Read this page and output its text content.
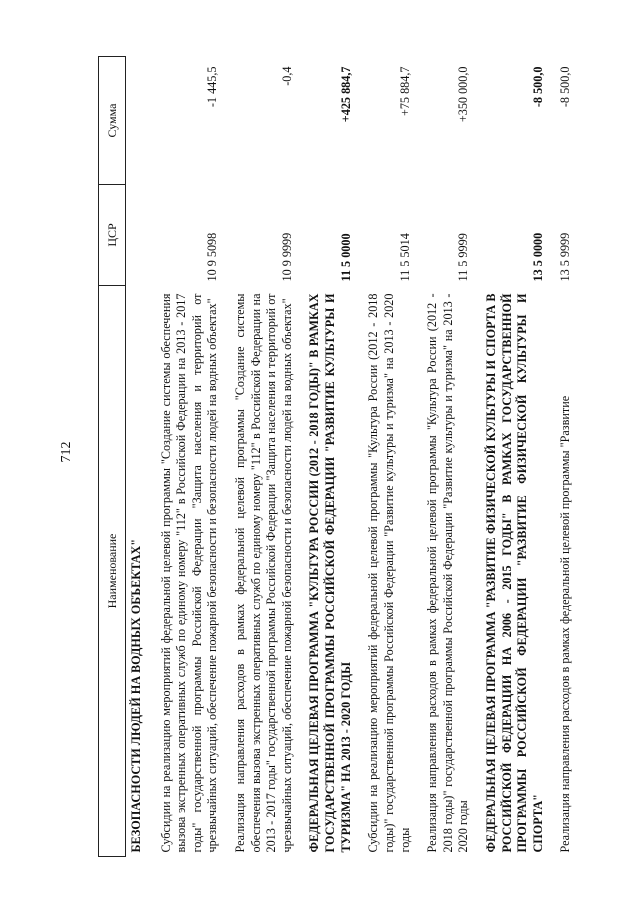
712
Наименование	ЦСР	Сумма
БЕЗОПАСНОСТИ ЛЮДЕЙ НА ВОДНЫХ ОБЪЕКТАХ"		
Субсидии на реализацию мероприятий федеральной целевой программы "Создание системы обеспечения вызова экстренных оперативных служб по единому номеру "112" в Российской Федерации на 2013 - 2017 годы" государственной программы Российской Федерации "Защита населения и территорий от чрезвычайных ситуаций, обеспечение пожарной безопасности и безопасности людей на водных объектах"	10 9 5098	-1 445,5
Реализация направления расходов в рамках федеральной целевой программы "Создание системы обеспечения вызова экстренных оперативных служб по единому номеру "112" в Российской Федерации на 2013 - 2017 годы" государственной программы Российской Федерации "Защита населения и территорий от чрезвычайных ситуаций, обеспечение пожарной безопасности и безопасности людей на водных объектах"	10 9 9999	-0,4
ФЕДЕРАЛЬНАЯ ЦЕЛЕВАЯ ПРОГРАММА "КУЛЬТУРА РОССИИ (2012 - 2018 ГОДЫ)" В РАМКАХ ГОСУДАРСТВЕННОЙ ПРОГРАММЫ РОССИЙСКОЙ ФЕДЕРАЦИИ "РАЗВИТИЕ КУЛЬТУРЫ И ТУРИЗМА" НА 2013 - 2020 ГОДЫ	11 5 0000	+425 884,7
Субсидии на реализацию мероприятий федеральной целевой программы "Культура России (2012 - 2018 годы)" государственной программы Российской Федерации "Развитие культуры и туризма" на 2013 - 2020 годы	11 5 5014	+75 884,7
Реализация направления расходов в рамках федеральной целевой программы "Культура России (2012 - 2018 годы)" государственной программы Российской Федерации "Развитие культуры и туризма" на 2013 - 2020 годы	11 5 9999	+350 000,0
ФЕДЕРАЛЬНАЯ ЦЕЛЕВАЯ ПРОГРАММА "РАЗВИТИЕ ФИЗИЧЕСКОЙ КУЛЬТУРЫ И СПОРТА В РОССИЙСКОЙ ФЕДЕРАЦИИ НА 2006 - 2015 ГОДЫ" В РАМКАХ ГОСУДАРСТВЕННОЙ ПРОГРАММЫ РОССИЙСКОЙ ФЕДЕРАЦИИ "РАЗВИТИЕ ФИЗИЧЕСКОЙ КУЛЬТУРЫ И СПОРТА"	13 5 0000	-8 500,0
Реализация направления расходов в рамках федеральной целевой программы "Развитие	13 5 9999	-8 500,0
